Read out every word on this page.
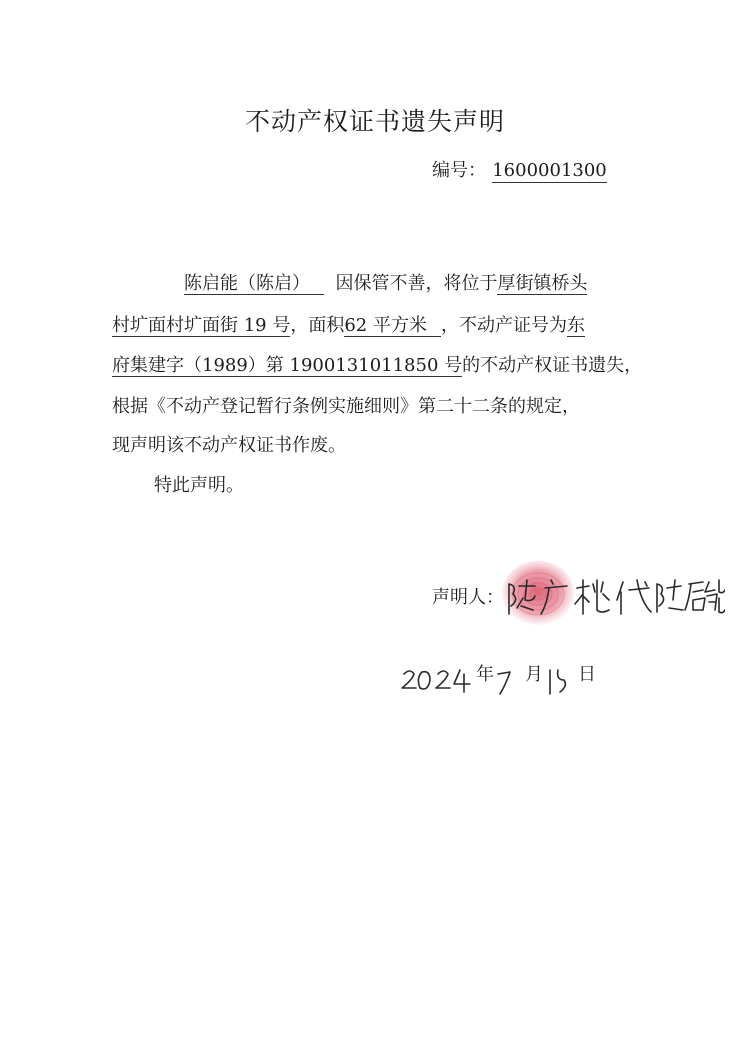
不动产权证书遗失声明
编号： 1600001300
陈启能（陈启） 因保管不善，将位于厚街镇桥头
村圹面村圹面街 19 号，面积62 平方米 ，不动产证号为东
府集建字（1989）第 1900131011850 号的不动产权证书遗失，
根据《不动产登记暂行条例实施细则》第二十二条的规定，
现声明该不动产权证书作废。
特此声明。
声明人：
年 月 日
